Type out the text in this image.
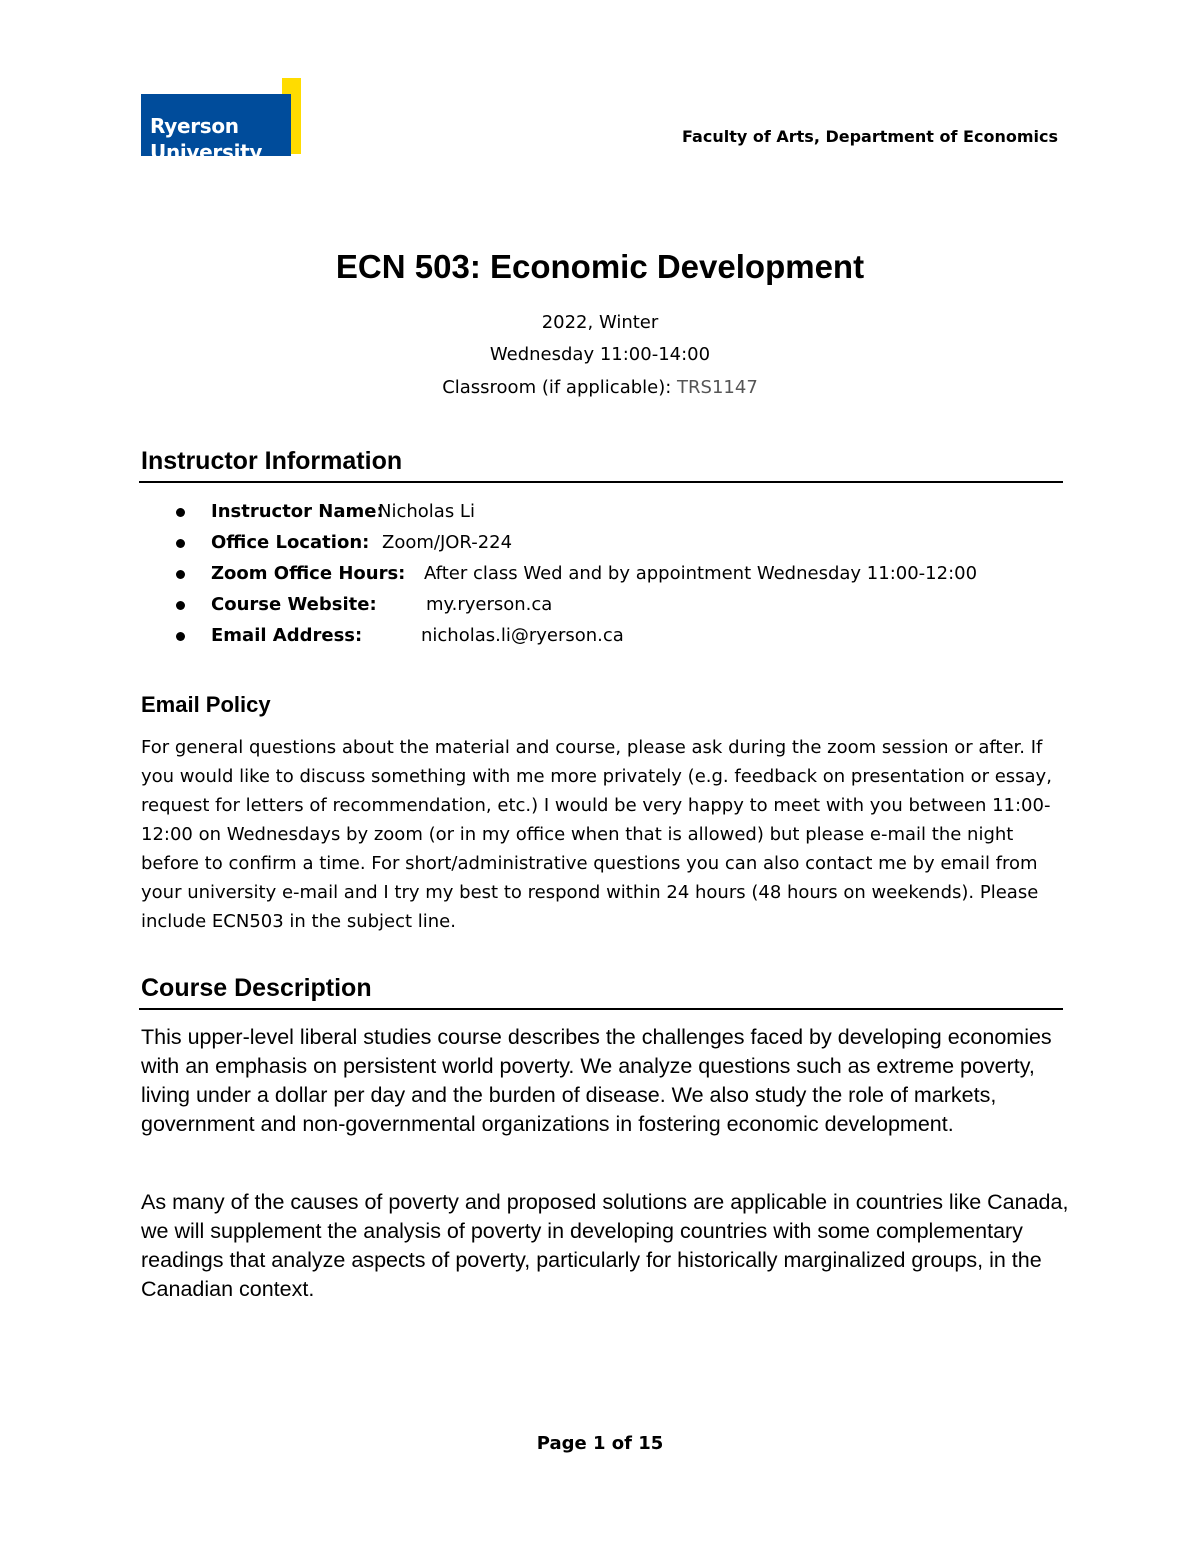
Ryerson
University
Faculty of Arts, Department of Economics
ECN 503: Economic Development
2022, Winter
Wednesday 11:00-14:00
Classroom (if applicable): TRS1147
Instructor Information
Instructor Name:
Nicholas Li
Office Location: Zoom/JOR-224
Zoom Office Hours: After class Wed and by appointment Wednesday 11:00-12:00
Course Website:	my.ryerson.ca
Email Address:	nicholas.li@ryerson.ca
Email Policy

For general questions about the material and course, please ask during the zoom session or after. If you would like to discuss something with me more privately (e.g. feedback on presentation or essay, request for letters of recommendation, etc.) I would be very happy to meet with you between 11:00-12:00 on Wednesdays by zoom (or in my office when that is allowed) but please e-mail the night before to confirm a time. For short/administrative questions you can also contact me by email from your university e-mail and I try my best to respond within 24 hours (48 hours on weekends). Please include ECN503 in the subject line.

Course Description

This upper-level liberal studies course describes the challenges faced by developing economies with an emphasis on persistent world poverty. We analyze questions such as extreme poverty, living under a dollar per day and the burden of disease. We also study the role of markets, government and non-governmental organizations in fostering economic development.

As many of the causes of poverty and proposed solutions are applicable in countries like Canada, we will supplement the analysis of poverty in developing countries with some complementary readings that analyze aspects of poverty, particularly for historically marginalized groups, in the Canadian context.

Page 1 of 15
